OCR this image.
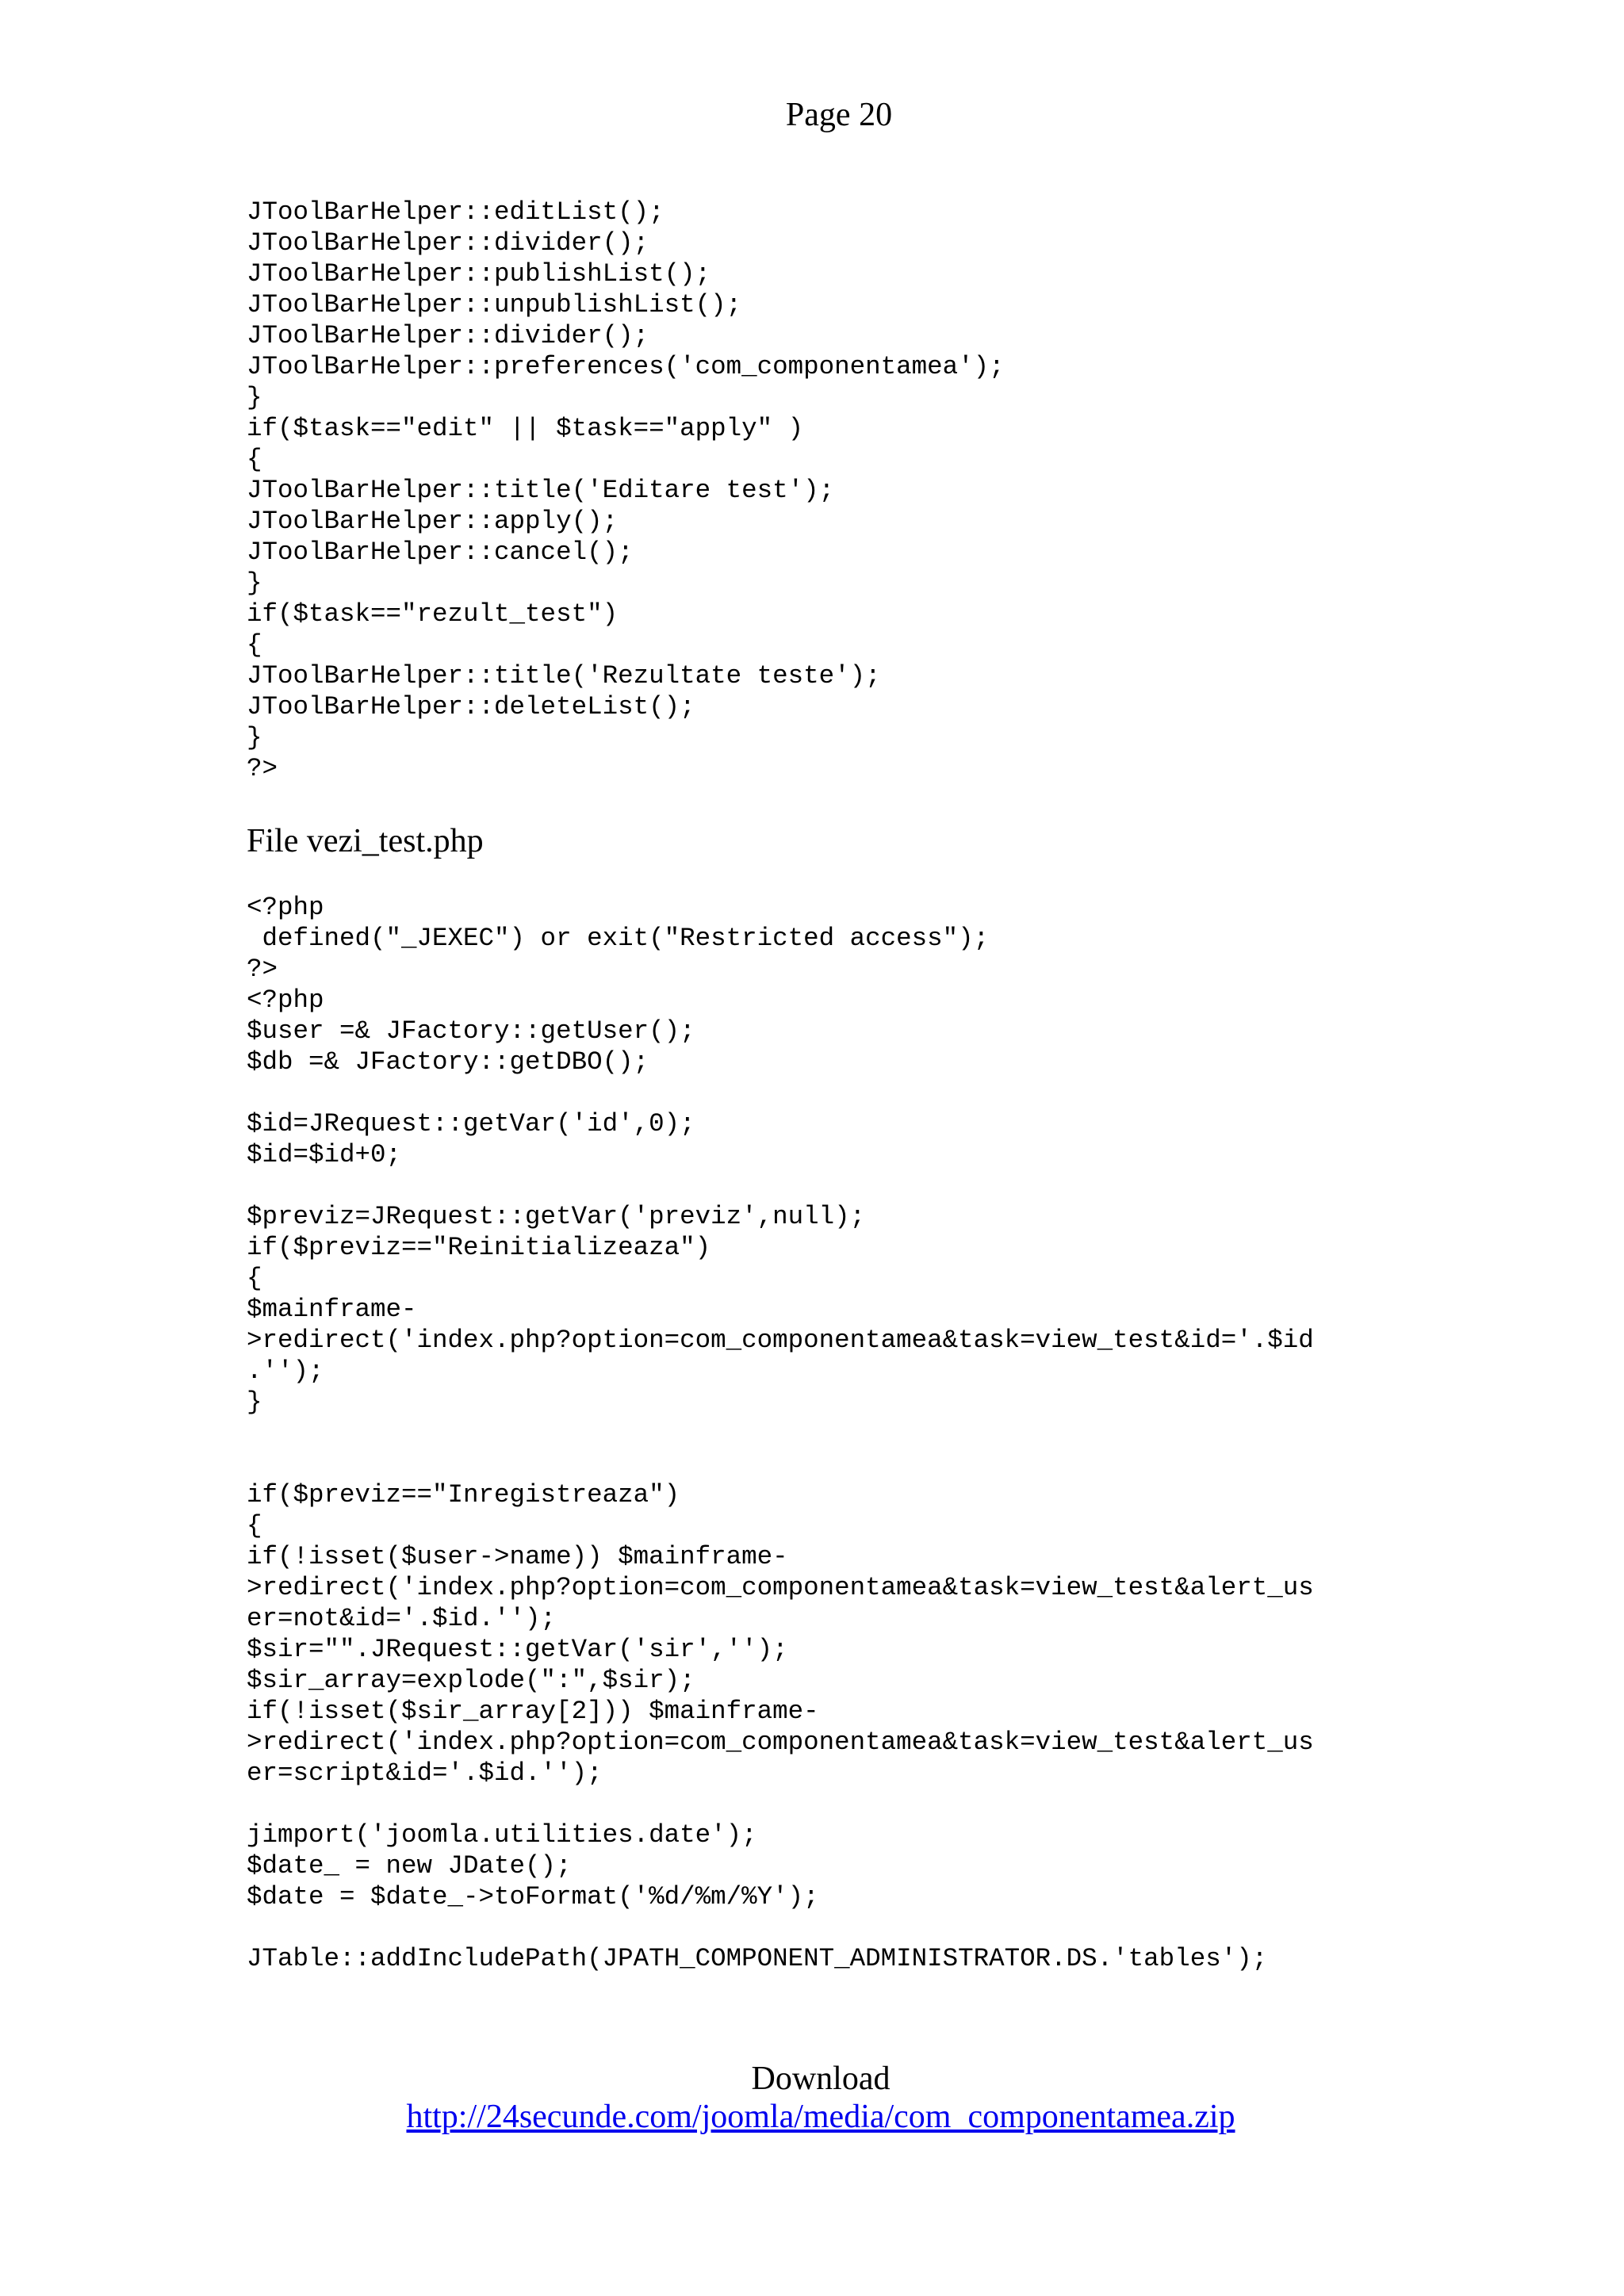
Page 20
JToolBarHelper::editList();
JToolBarHelper::divider();
JToolBarHelper::publishList();
JToolBarHelper::unpublishList();
JToolBarHelper::divider();
JToolBarHelper::preferences('com_componentamea');
}
if($task=="edit" || $task=="apply" )
{
JToolBarHelper::title('Editare test');
JToolBarHelper::apply();
JToolBarHelper::cancel();
}
if($task=="rezult_test")
{
JToolBarHelper::title('Rezultate teste');
JToolBarHelper::deleteList();
}
?>
File vezi_test.php
<?php
defined("_JEXEC") or exit("Restricted access");
?>
<?php
$user =& JFactory::getUser();
$db =& JFactory::getDBO();
$id=JRequest::getVar('id',0);
$id=$id+0;
$previz=JRequest::getVar('previz',null);
if($previz=="Reinitializeaza")
{
$mainframe-
>redirect('index.php?option=com_componentamea&task=view_test&id='.$id
.'');
}
if($previz=="Inregistreaza")
{
if(!isset($user->name)) $mainframe-
>redirect('index.php?option=com_componentamea&task=view_test&alert_us
er=not&id='.$id.'');
$sir="".JRequest::getVar('sir','');
$sir_array=explode(":",$sir);
if(!isset($sir_array[2])) $mainframe-
>redirect('index.php?option=com_componentamea&task=view_test&alert_us
er=script&id='.$id.'');
jimport('joomla.utilities.date');
$date_ = new JDate();
$date = $date_->toFormat('%d/%m/%Y');
JTable::addIncludePath(JPATH_COMPONENT_ADMINISTRATOR.DS.'tables');
Download
http://24secunde.com/joomla/media/com_componentamea.zip
